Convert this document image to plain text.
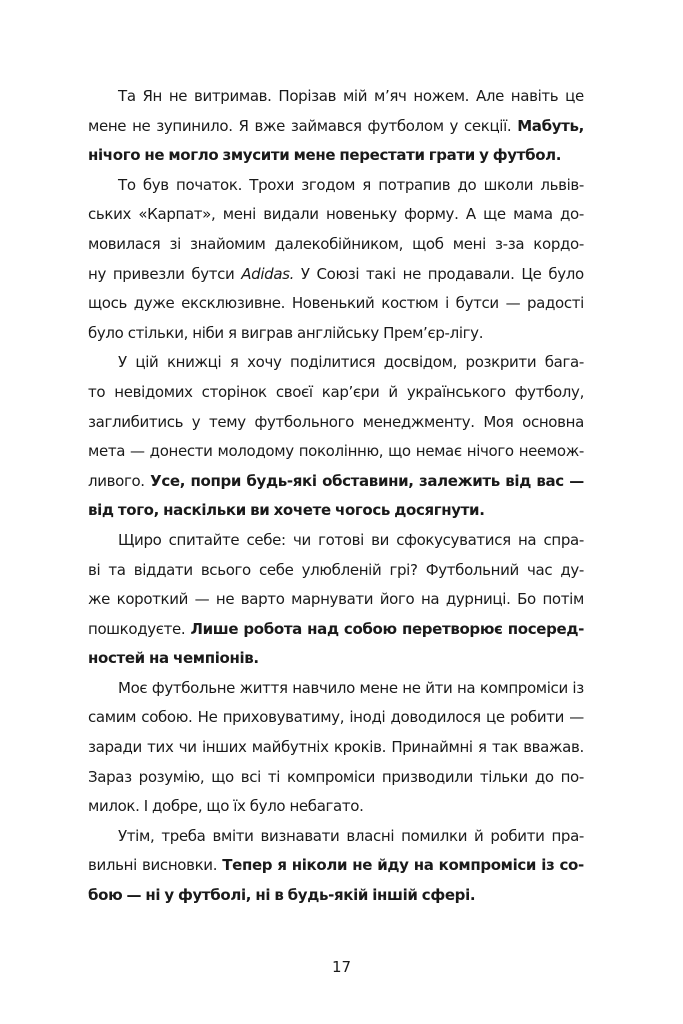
Та Ян не витримав. Порізав мій м’яч ножем. Але навіть це
мене не зупинило. Я вже займався футболом у секції. Мабуть,
нічого не могло змусити мене перестати грати у футбол.
То був початок. Трохи згодом я потрапив до школи львів-
ських «Карпат», мені видали новеньку форму. А ще мама до-
мовилася зі знайомим далекобійником, щоб мені з-за кордо-
ну привезли бутси Adidas. У Союзі такі не продавали. Це було
щось дуже ексклюзивне. Новенький костюм і бутси — радості
було стільки, ніби я виграв англійську Прем’єр-лігу.
У цій книжці я хочу поділитися досвідом, розкрити бага-
то невідомих сторінок своєї кар’єри й українського футболу,
заглибитись у тему футбольного менеджменту. Моя основна
мета — донести молодому поколінню, що немає нічого неемож-
ливого. Усе, попри будь-які обставини, залежить від вас —
від того, наскільки ви хочете чогось досягнути.
Щиро спитайте себе: чи готові ви сфокусуватися на спра-
ві та віддати всього себе улюбленій грі? Футбольний час ду-
же короткий — не варто марнувати його на дурниці. Бо потім
пошкодуєте. Лише робота над собою перетворює посеред-
ностей на чемпіонів.
Моє футбольне життя навчило мене не йти на компроміси із
самим собою. Не приховуватиму, іноді доводилося це робити —
заради тих чи інших майбутніх кроків. Принаймні я так вважав.
Зараз розумію, що всі ті компроміси призводили тільки до по-
милок. І добре, що їх було небагато.
Утім, треба вміти визнавати власні помилки й робити пра-
вильні висновки. Тепер я ніколи не йду на компроміси із со-
бою — ні у футболі, ні в будь-якій іншій сфері.
17
